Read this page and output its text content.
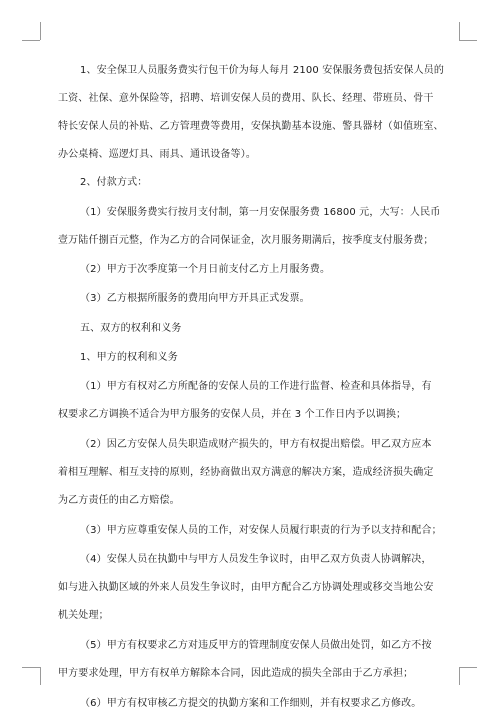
1、安全保卫人员服务费实行包干价为每人每月 2100 安保服务费包括安保人员的
工资、社保、意外保险等，招聘、培训安保人员的费用、队长、经理、带班员、骨干
特长安保人员的补贴、乙方管理费等费用，安保执勤基本设施、警具器材（如值班室、
办公桌椅、巡逻灯具、雨具、通讯设备等）。
2、付款方式：
（1）安保服务费实行按月支付制，第一月安保服务费 16800 元，大写：人民币
壹万陆仟捌百元整，作为乙方的合同保证金，次月服务期满后，按季度支付服务费；
（2）甲方于次季度第一个月日前支付乙方上月服务费。
（3）乙方根据所服务的费用向甲方开具正式发票。
五、双方的权利和义务
1、甲方的权利和义务
（1）甲方有权对乙方所配备的安保人员的工作进行监督、检查和具体指导，有
权要求乙方调换不适合为甲方服务的安保人员，并在 3 个工作日内予以调换；
（2）因乙方安保人员失职造成财产损失的，甲方有权提出赔偿。甲乙双方应本
着相互理解、相互支持的原则，经协商做出双方满意的解决方案，造成经济损失确定
为乙方责任的由乙方赔偿。
（3）甲方应尊重安保人员的工作，对安保人员履行职责的行为予以支持和配合；
（4）安保人员在执勤中与甲方人员发生争议时，由甲乙双方负责人协调解决，
如与进入执勤区域的外来人员发生争议时，由甲方配合乙方协调处理或移交当地公安
机关处理；
（5）甲方有权要求乙方对违反甲方的管理制度安保人员做出处罚，如乙方不按
甲方要求处理，甲方有权单方解除本合同，因此造成的损失全部由于乙方承担；
（6）甲方有权审核乙方提交的执勤方案和工作细则，并有权要求乙方修改。
